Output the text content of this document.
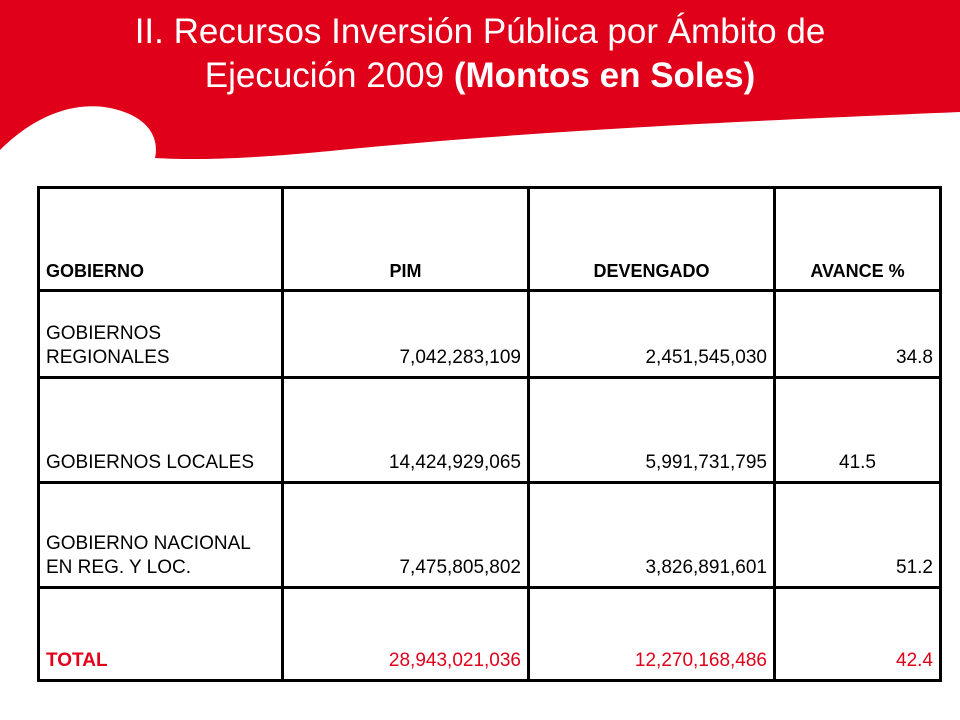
II. Recursos Inversión Pública por Ámbito de
Ejecución 2009 (Montos en Soles)
GOBIERNO	PIM	DEVENGADO	AVANCE %
GOBIERNOS REGIONALES	7,042,283,109	2,451,545,030	34.8
GOBIERNOS LOCALES	14,424,929,065	5,991,731,795	41.5
GOBIERNO NACIONAL EN REG. Y LOC.	7,475,805,802	3,826,891,601	51.2
TOTAL	28,943,021,036	12,270,168,486	42.4
